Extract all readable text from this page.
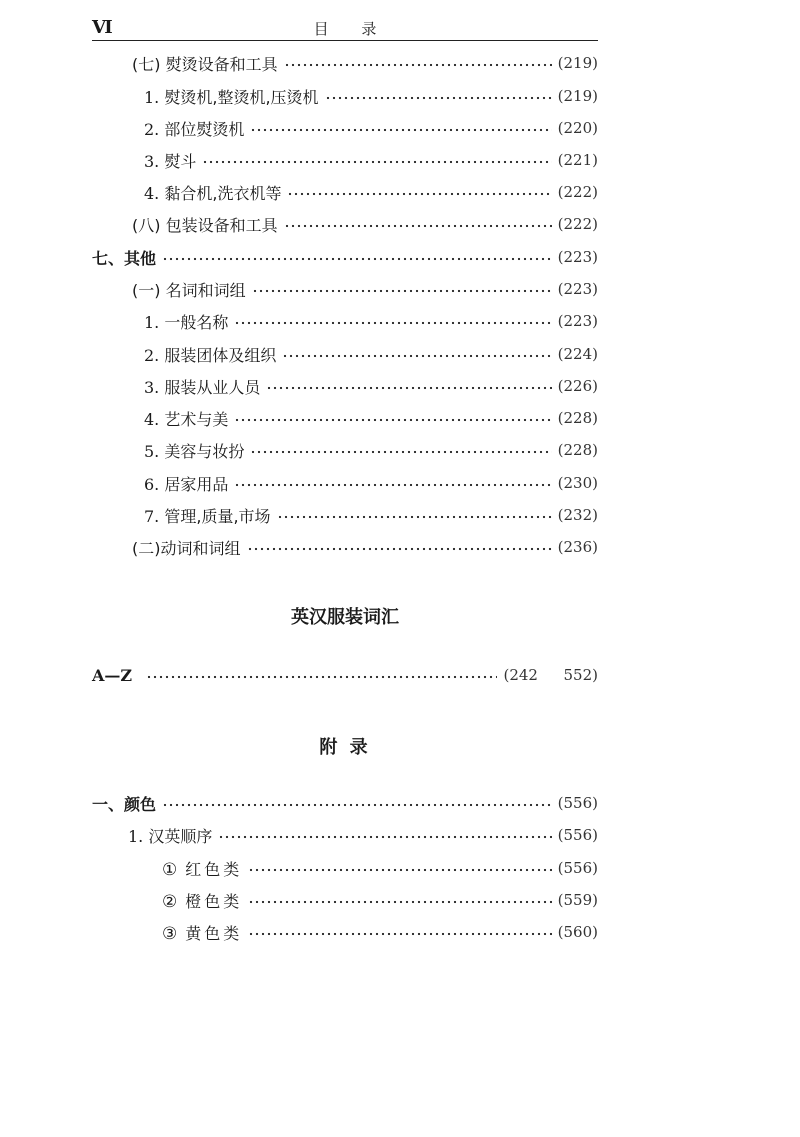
Ⅵ	目 录
(七) 熨烫设备和工具	(219)
1. 熨烫机,整烫机,压烫机	(219)
2. 部位熨烫机	(220)
3. 熨斗	(221)
4. 黏合机,洗衣机等	(222)
(八) 包装设备和工具	(222)
七、其他	(223)
(一) 名词和词组	(223)
1. 一般名称	(223)
2. 服装团体及组织	(224)
3. 服装从业人员	(226)
4. 艺术与美	(228)
5. 美容与妆扮	(228)
6. 居家用品	(230)
7. 管理,质量,市场	(232)
(二)动词和词组	(236)
英汉服装词汇
A—Z	(242  552)
附 录
一、颜色	(556)
1. 汉英顺序	(556)
① 红色类	(556)
② 橙色类	(559)
③ 黄色类	(560)
